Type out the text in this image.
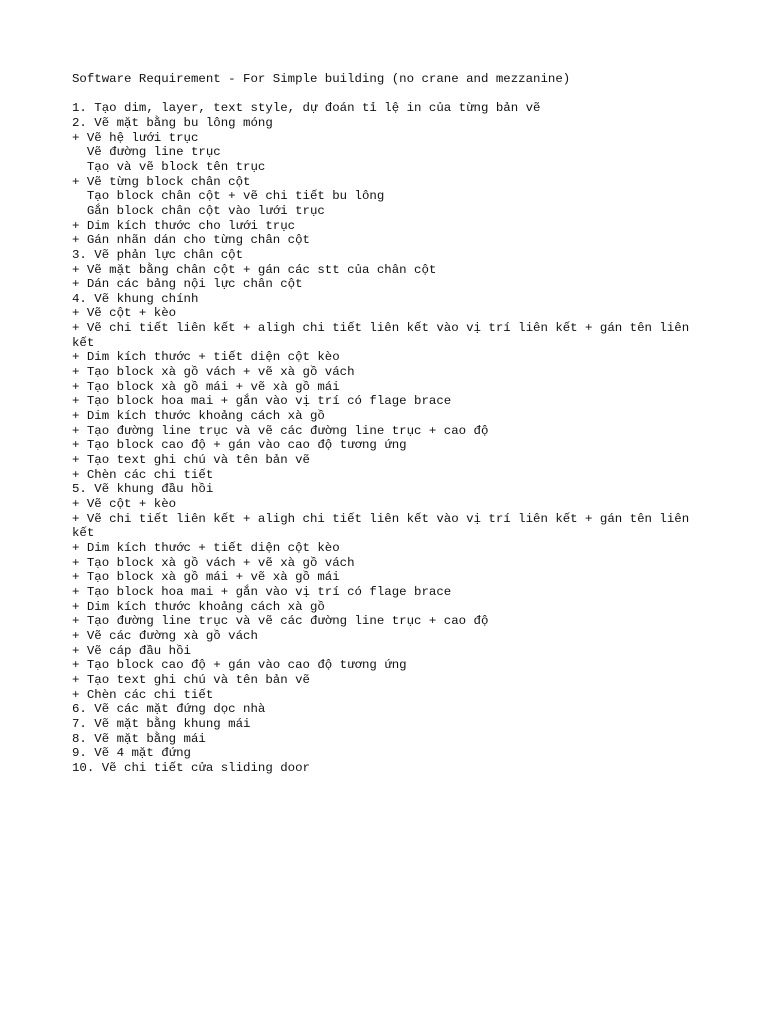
Software Requirement - For Simple building (no crane and mezzanine)
1. Tạo dim, layer, text style, dự đoán tỉ lệ in của từng bản vẽ
2. Vẽ mặt bằng bu lông móng
+ Vẽ hệ lưới trục
Vẽ đường line trục
Tạo và vẽ block tên trục
+ Vẽ từng block chân cột
Tạo block chân cột + vẽ chi tiết bu lông
Gắn block chân cột vào lưới trục
+ Dim kích thước cho lưới trục
+ Gán nhãn dán cho từng chân cột
3. Vẽ phản lực chân cột
+ Vẽ mặt bằng chân cột + gán các stt của chân cột
+ Dán các bảng nội lực chân cột
4. Vẽ khung chính
+ Vẽ cột + kèo
+ Vẽ chi tiết liên kết + aligh chi tiết liên kết vào vị trí liên kết + gán tên liên kết
+ Dim kích thước + tiết diện cột kèo
+ Tạo block xà gồ vách + vẽ xà gồ vách
+ Tạo block xà gồ mái + vẽ xà gồ mái
+ Tạo block hoa mai + gắn vào vị trí có flage brace
+ Dim kích thước khoảng cách xà gồ
+ Tạo đường line trục và vẽ các đường line trục + cao độ
+ Tạo block cao độ + gán vào cao độ tương ứng
+ Tạo text ghi chú và tên bản vẽ
+ Chèn các chi tiết
5. Vẽ khung đầu hồi
+ Vẽ cột + kèo
+ Vẽ chi tiết liên kết + aligh chi tiết liên kết vào vị trí liên kết + gán tên liên kết
+ Dim kích thước + tiết diện cột kèo
+ Tạo block xà gồ vách + vẽ xà gồ vách
+ Tạo block xà gồ mái + vẽ xà gồ mái
+ Tạo block hoa mai + gắn vào vị trí có flage brace
+ Dim kích thước khoảng cách xà gồ
+ Tạo đường line trục và vẽ các đường line trục + cao độ
+ Vẽ các đường xà gồ vách
+ Vẽ cáp đầu hồi
+ Tạo block cao độ + gán vào cao độ tương ứng
+ Tạo text ghi chú và tên bản vẽ
+ Chèn các chi tiết
6. Vẽ các mặt đứng dọc nhà
7. Vẽ mặt bằng khung mái
8. Vẽ mặt bằng mái
9. Vẽ 4 mặt đứng
10. Vẽ chi tiết cửa sliding door
